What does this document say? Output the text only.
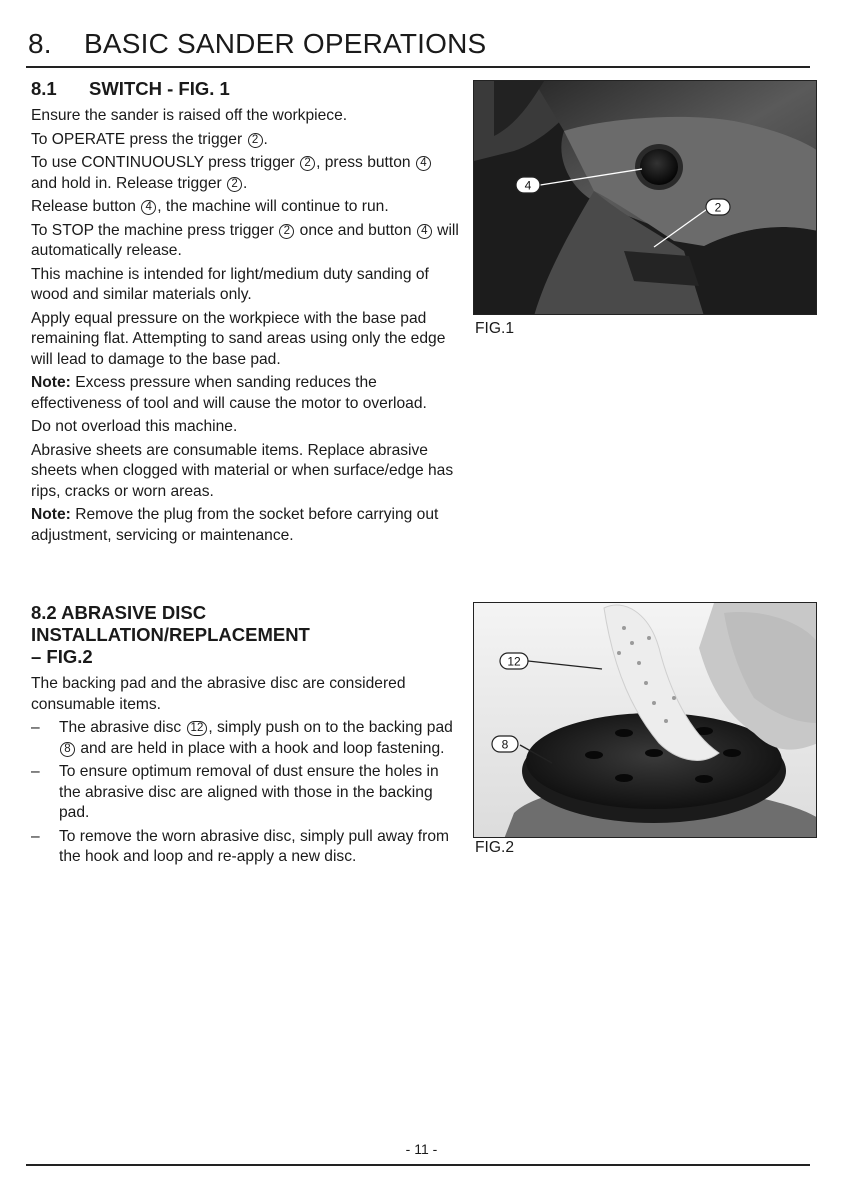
8. BASIC SANDER OPERATIONS
8.1 SWITCH - FIG. 1

Ensure the sander is raised off the workpiece.

To OPERATE press the trigger 2 .

To use CONTINUOUSLY press trigger 2 , press button 4 and hold in. Release trigger 2 .

Release button 4 , the machine will continue to run.

To STOP the machine press trigger 2 once and button 4 will automatically release.

This machine is intended for light/medium duty sanding of wood and similar materials only.

Apply equal pressure on the workpiece with the base pad remaining flat. Attempting to sand areas using only the edge will lead to damage to the base pad.

Note: Excess pressure when sanding reduces the effectiveness of tool and will cause the motor to overload.

Do not overload this machine.

Abrasive sheets are consumable items. Replace abrasive sheets when clogged with material or when surface/edge has rips, cracks or worn areas.

Note: Remove the plug from the socket before carrying out adjustment, servicing or maintenance.

8.2 ABRASIVE DISC
INSTALLATION/REPLACEMENT
– FIG.2

The backing pad and the abrasive disc are considered consumable items.

– The abrasive disc 12 , simply push on to the backing pad 8 and are held in place with a hook and loop fastening.
– To ensure optimum removal of dust ensure the holes in the abrasive disc are aligned with those in the backing pad.
– To remove the worn abrasive disc, simply pull away from the hook and loop and re-apply a new disc.
4
2
FIG.1
12
8
FIG.2
- 11 -
